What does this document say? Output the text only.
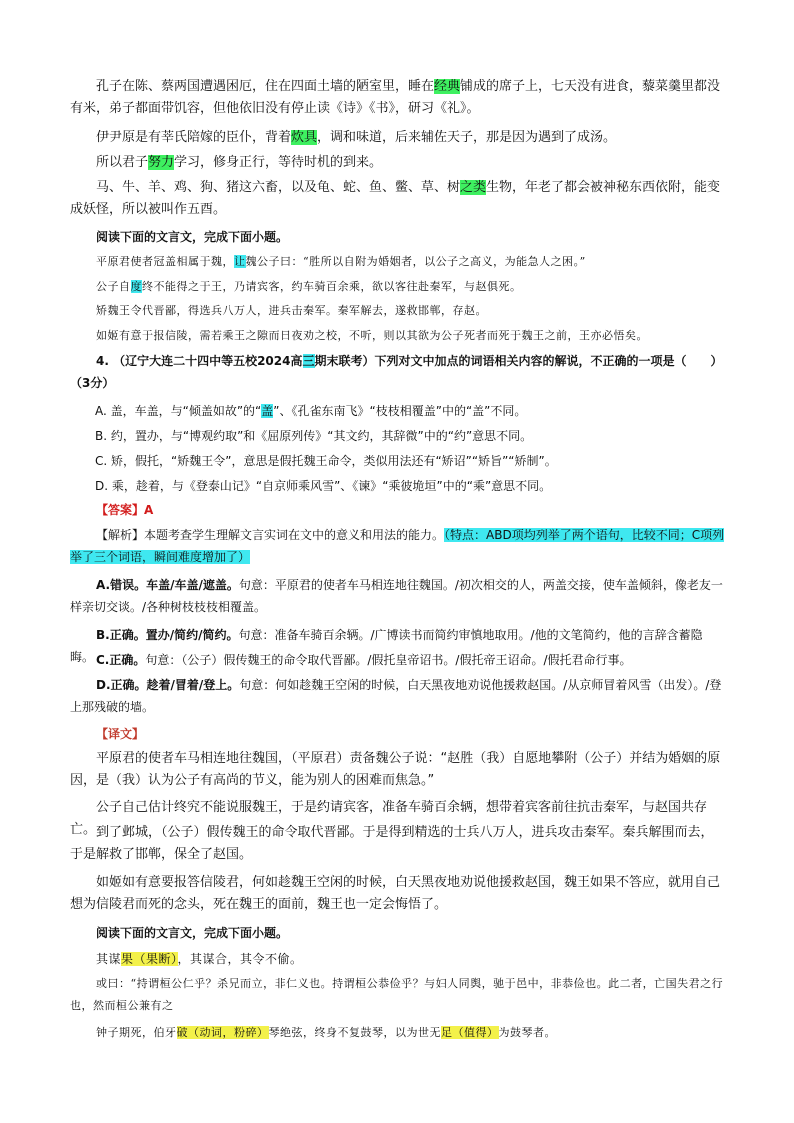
孔子在陈、蔡两国遭遇困厄，住在四面土墙的陋室里，睡在经典铺成的席子上，七天没有进食，藜菜羹里都没有米，弟子都面带饥容，但他依旧没有停止读《诗》《书》，研习《礼》。

伊尹原是有莘氏陪嫁的臣仆，背着炊具，调和味道，后来辅佐天子，那是因为遇到了成汤。

所以君子努力学习，修身正行，等待时机的到来。

马、牛、羊、鸡、狗、猪这六畜，以及龟、蛇、鱼、鳖、草、树之类生物，年老了都会被神秘东西依附，能变成妖怪，所以被叫作五酉。

阅读下面的文言文，完成下面小题。

平原君使者冠盖相属于魏，让魏公子曰：“胜所以自附为婚姻者，以公子之高义，为能急人之困。”

公子自度终不能得之于王，乃请宾客，约车骑百余乘，欲以客往赴秦军，与赵俱死。

矫魏王令代晋鄙，得选兵八万人，进兵击秦军。秦军解去，遂救邯郸，存赵。

如姬有意于报信陵，需若乘王之隙而日夜劝之校，不听，则以其欲为公子死者而死于魏王之前，王亦必悟矣。

4. （辽宁大连二十四中等五校2024高三期末联考）下列对文中加点的词语相关内容的解说，不正确的一项是（　　）（3分）

A. 盖，车盖，与“倾盖如故”的“盖”、《孔雀东南飞》“枝枝相覆盖”中的“盖”不同。

B. 约，置办，与“博观约取”和《屈原列传》“其文约，其辞微”中的“约”意思不同。

C. 矫，假托，“矫魏王令”，意思是假托魏王命令，类似用法还有“矫诏”“矫旨”“矫制”。

D. 乘，趁着，与《登泰山记》“自京师乘风雪”、《谏》“乘彼垝垣”中的“乘”意思不同。

【答案】A

【解析】本题考查学生理解文言实词在文中的意义和用法的能力。（特点：ABD项均列举了两个语句，比较不同；C项列举了三个词语，瞬间难度增加了）

A.错误。车盖/车盖/遮盖。句意：平原君的使者车马相连地往魏国。/初次相交的人，两盖交接，使车盖倾斜，像老友一样亲切交谈。/各种树枝枝枝相覆盖。

B.正确。置办/简约/简约。句意：准备车骑百余辆。/广博读书而简约审慎地取用。/他的文笔简约，他的言辞含蓄隐晦。 C.正确。句意：（公子）假传魏王的命令取代晋鄙。/假托皇帝诏书。/假托帝王诏命。/假托君命行事。

D.正确。趁着/冒着/登上。句意：何如趁魏王空闲的时候，白天黑夜地劝说他援救赵国。/从京师冒着风雪（出发）。/登上那残破的墙。

【译文】

平原君的使者车马相连地往魏国，（平原君）责备魏公子说：“赵胜（我）自愿地攀附（公子）并结为婚姻的原因，是（我）认为公子有高尚的节义，能为别人的困难而焦急。”

公子自己估计终究不能说服魏王，于是约请宾客，准备车骑百余辆，想带着宾客前往抗击秦军，与赵国共存亡。 到了邺城，（公子）假传魏王的命令取代晋鄙。于是得到精选的士兵八万人，进兵攻击秦军。秦兵解围而去，于是解救了邯郸，保全了赵国。

如姬如有意要报答信陵君，何如趁魏王空闲的时候，白天黑夜地劝说他援救赵国，魏王如果不答应，就用自己想为信陵君而死的念头，死在魏王的面前，魏王也一定会悔悟了。

阅读下面的文言文，完成下面小题。

其谋果（果断），其谋合，其令不偷。

或曰：“持谓桓公仁乎？杀兄而立，非仁义也。持谓桓公恭俭乎？与妇人同舆，驰于邑中，非恭俭也。此二者，亡国失君之行也，然而桓公兼有之

钟子期死，伯牙破（动词，粉碎）琴绝弦，终身不复鼓琴，以为世无足（值得）为鼓琴者。
